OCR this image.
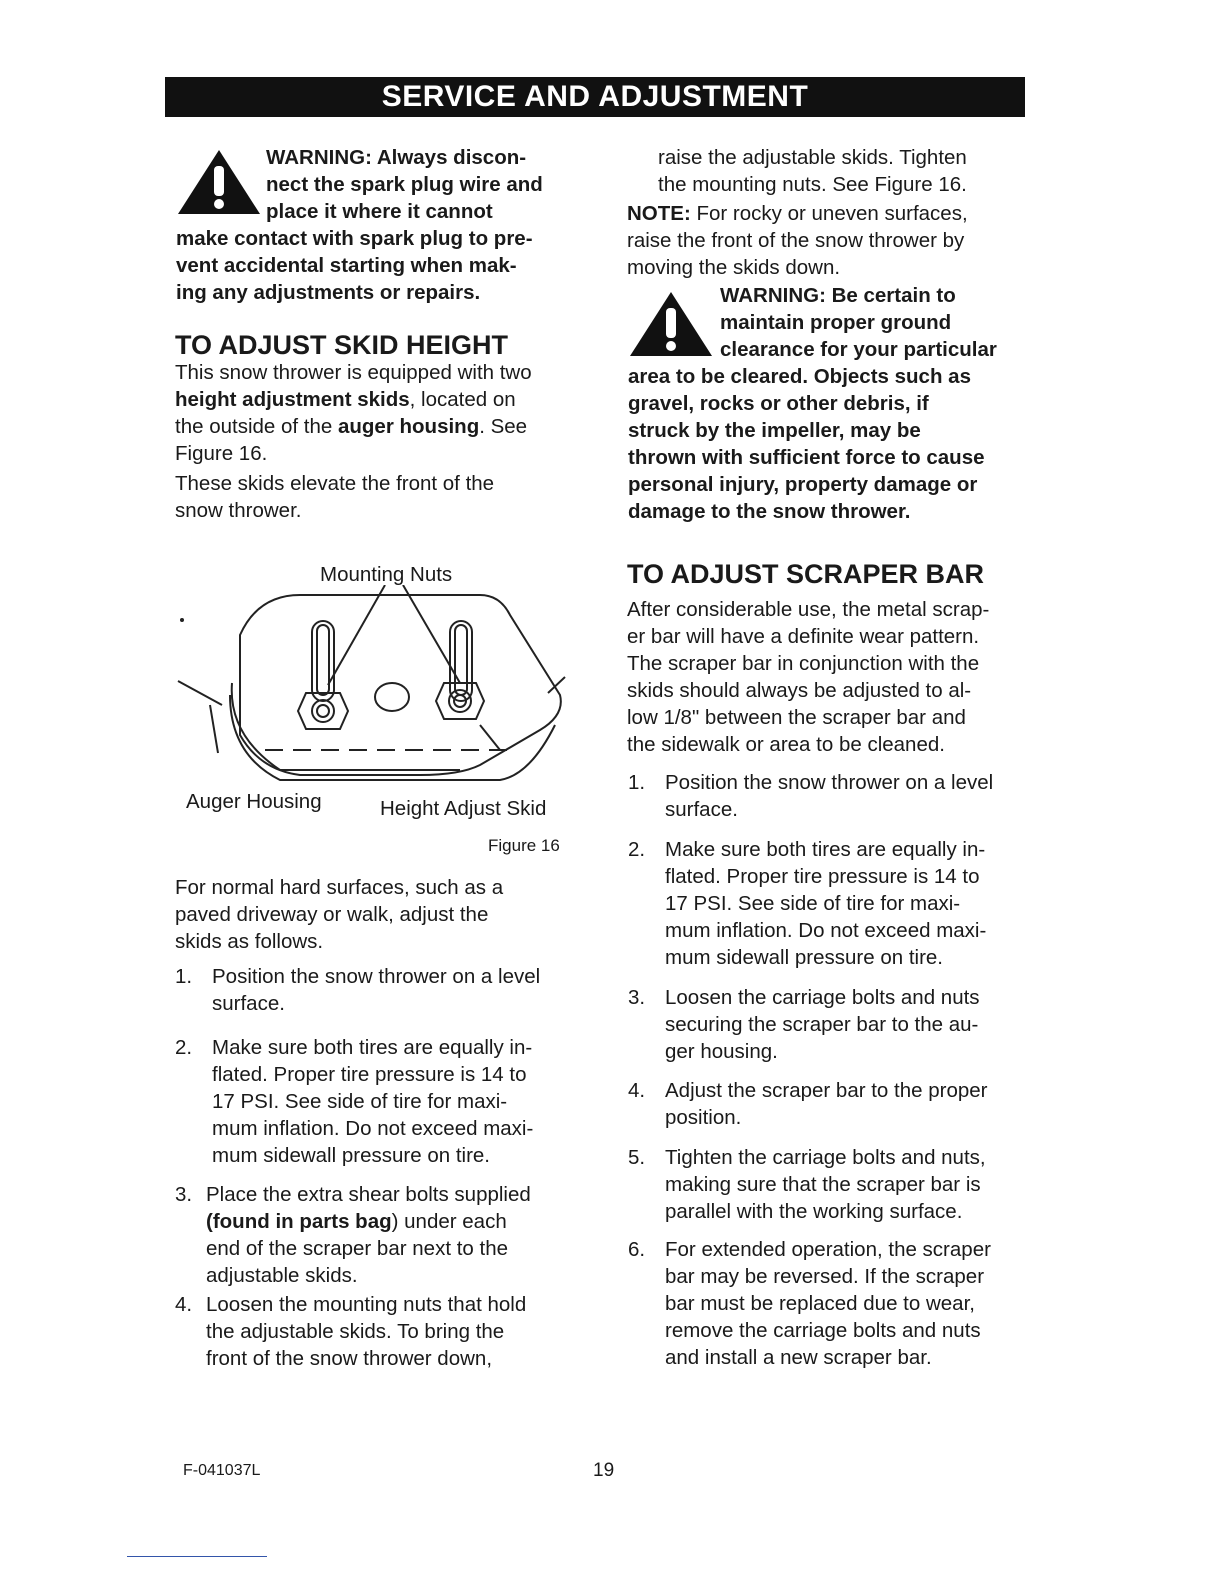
SERVICE AND ADJUSTMENT
WARNING: Always discon-
nect the spark plug wire and
place it where it cannot
make contact with spark plug to pre-
vent accidental starting when mak-
ing any adjustments or repairs.
TO ADJUST SKID HEIGHT
This snow thrower is equipped with two
height adjustment skids, located on
the outside of the auger housing. See
Figure 16.
These skids elevate the front of the
snow thrower.
Mounting Nuts
Auger Housing	Height Adjust Skid
Figure 16
For normal hard surfaces, such as a
paved driveway or walk, adjust the
skids as follows.
1. Position the snow thrower on a level
surface.
2. Make sure both tires are equally in-
flated. Proper tire pressure is 14 to
17 PSI. See side of tire for maxi-
mum inflation. Do not exceed maxi-
mum sidewall pressure on tire.
3. Place the extra shear bolts supplied
(found in parts bag) under each
end of the scraper bar next to the
adjustable skids.
4. Loosen the mounting nuts that hold
the adjustable skids. To bring the
front of the snow thrower down,
raise the adjustable skids. Tighten
the mounting nuts. See Figure 16.
NOTE: For rocky or uneven surfaces,
raise the front of the snow thrower by
moving the skids down.
WARNING: Be certain to
maintain proper ground
clearance for your particular
area to be cleared. Objects such as
gravel, rocks or other debris, if
struck by the impeller, may be
thrown with sufficient force to cause
personal injury, property damage or
damage to the snow thrower.
TO ADJUST SCRAPER BAR
After considerable use, the metal scrap-
er bar will have a definite wear pattern.
The scraper bar in conjunction with the
skids should always be adjusted to al-
low 1/8" between the scraper bar and
the sidewalk or area to be cleaned.
1. Position the snow thrower on a level
surface.
2. Make sure both tires are equally in-
flated. Proper tire pressure is 14 to
17 PSI. See side of tire for maxi-
mum inflation. Do not exceed maxi-
mum sidewall pressure on tire.
3. Loosen the carriage bolts and nuts
securing the scraper bar to the au-
ger housing.
4. Adjust the scraper bar to the proper
position.
5. Tighten the carriage bolts and nuts,
making sure that the scraper bar is
parallel with the working surface.
6. For extended operation, the scraper
bar may be reversed. If the scraper
bar must be replaced due to wear,
remove the carriage bolts and nuts
and install a new scraper bar.
F-041037L	19
